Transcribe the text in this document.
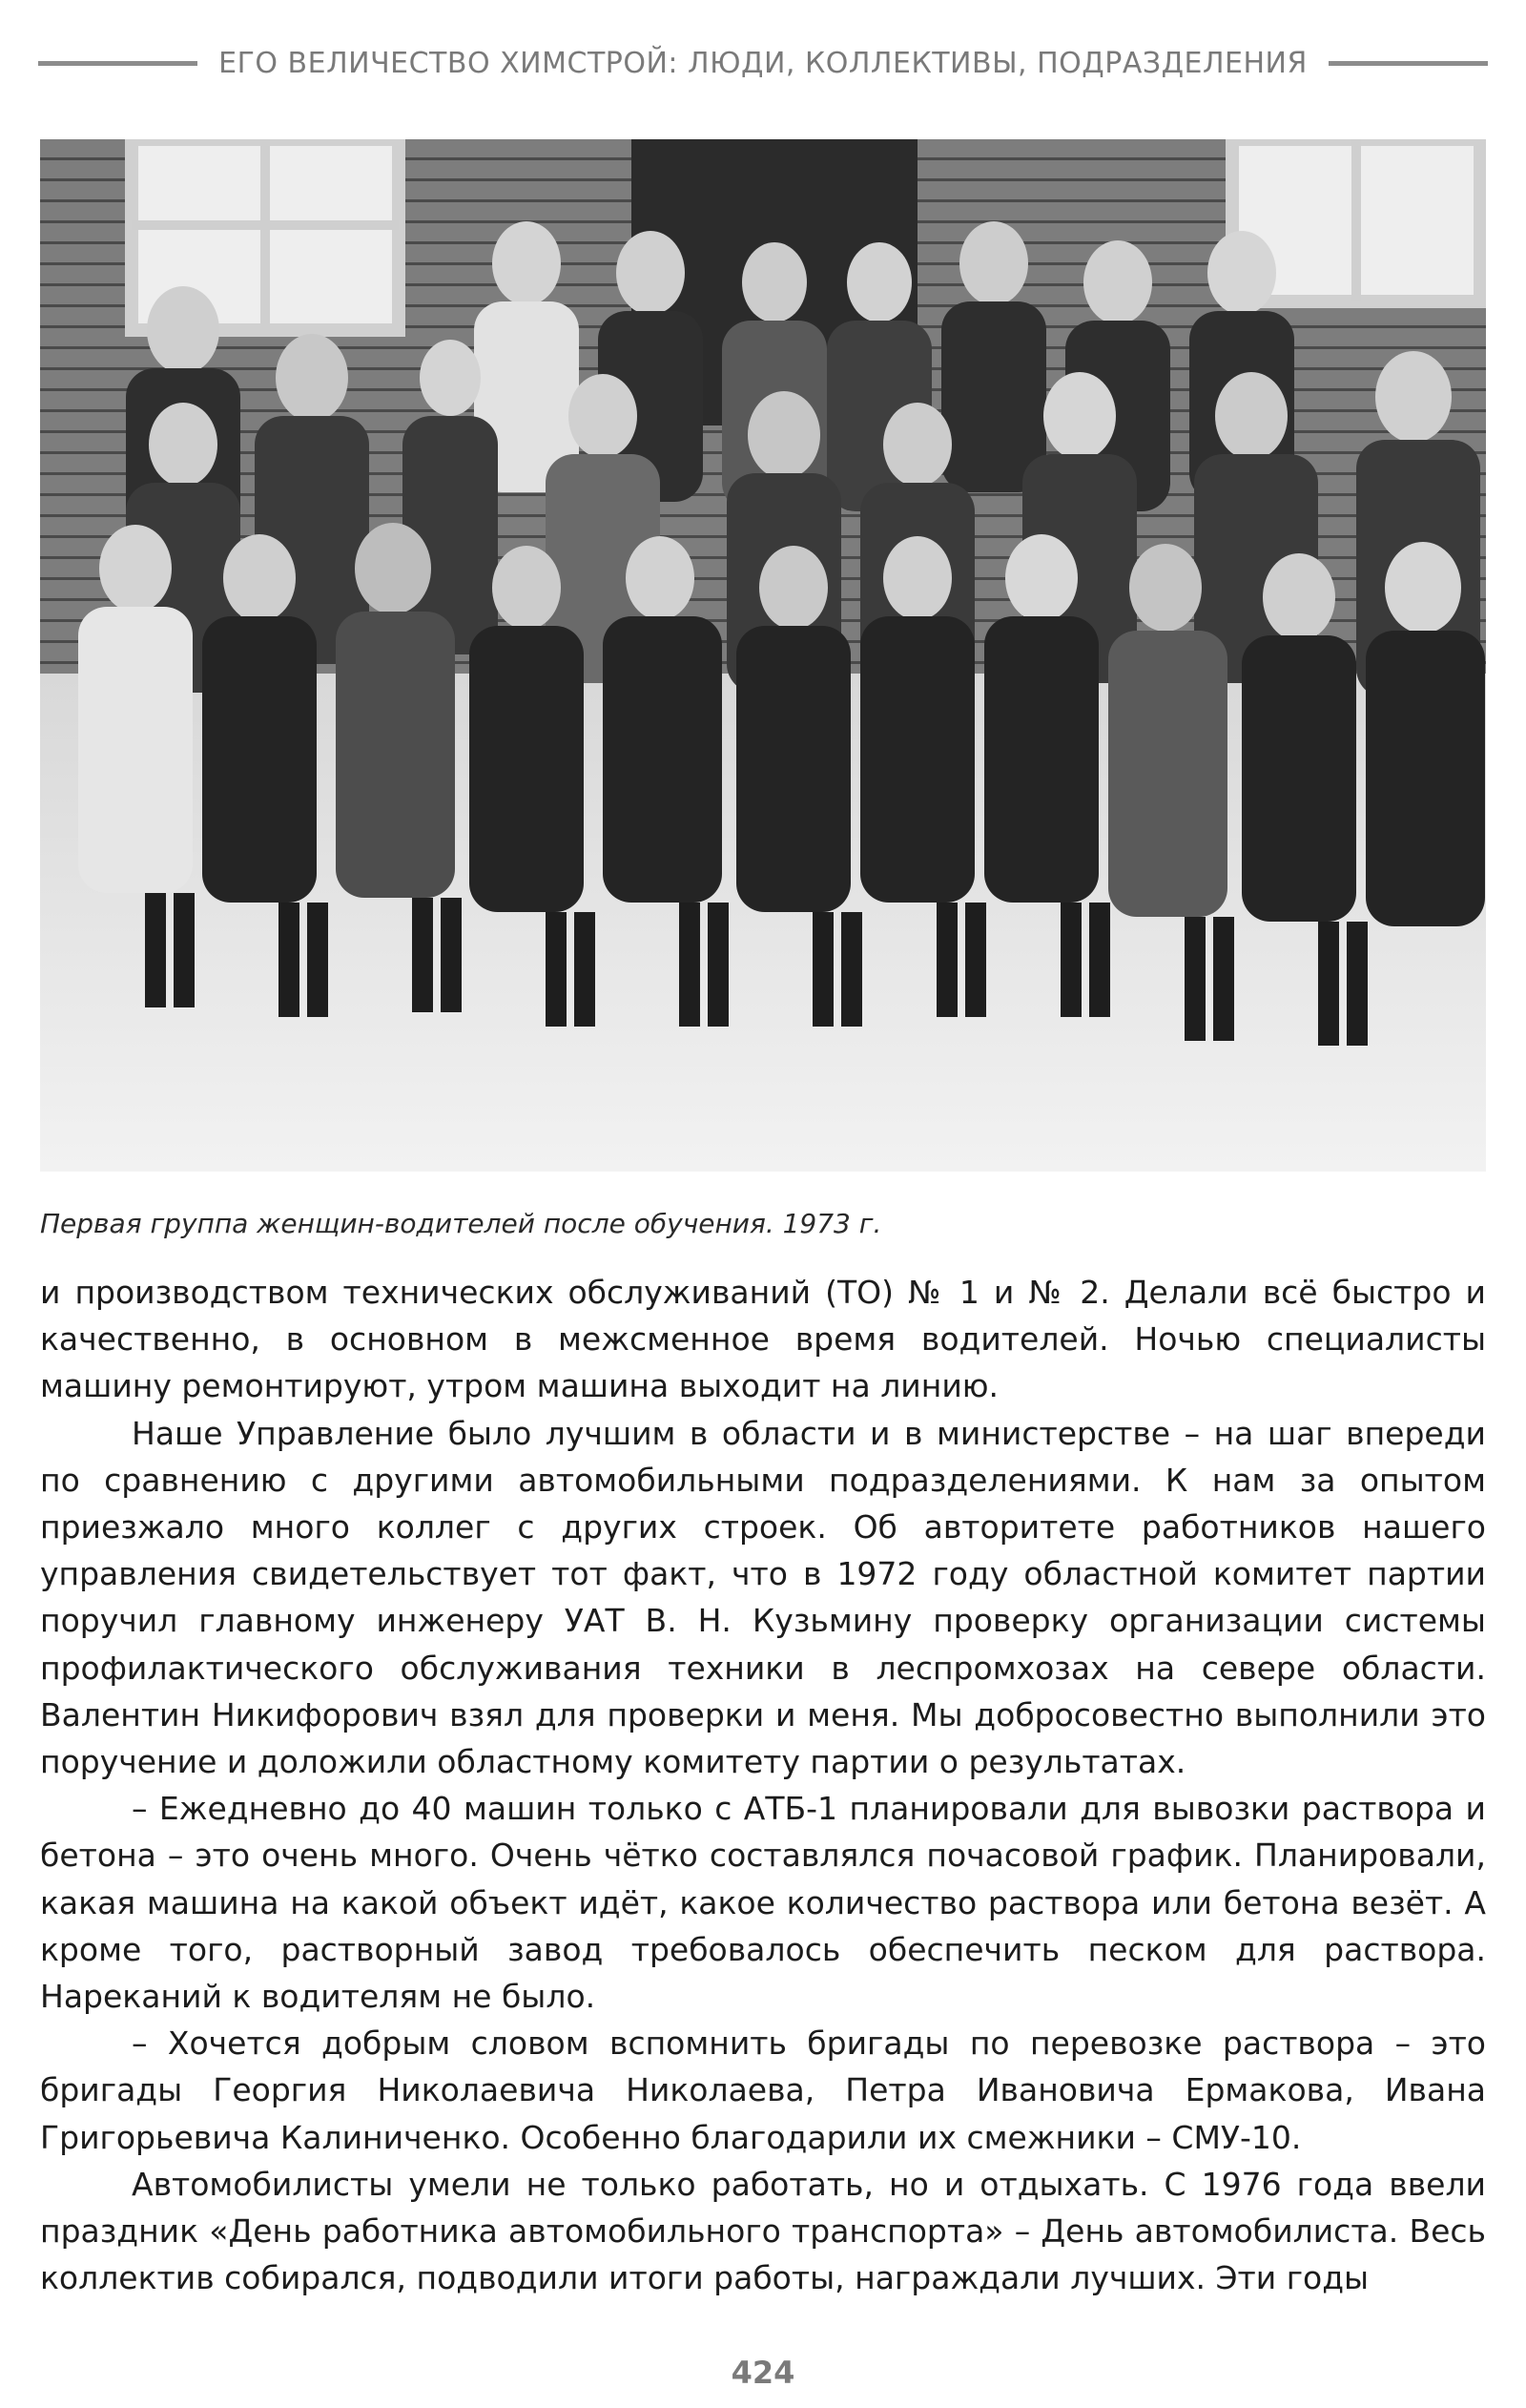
ЕГО ВЕЛИЧЕСТВО ХИМСТРОЙ: ЛЮДИ, КОЛЛЕКТИВЫ, ПОДРАЗДЕЛЕНИЯ
Первая группа женщин-водителей после обучения. 1973 г.

и производством технических обслуживаний (ТО) № 1 и № 2. Делали всё быстро и качественно, в основном в межсменное время водителей. Ночью специалисты машину ремонтируют, утром машина выходит на линию.

Наше Управление было лучшим в области и в министерстве – на шаг впереди по сравнению с другими автомобильными подразделениями. К нам за опытом приезжало много коллег с других строек. Об авторитете работников нашего управления свидетельствует тот факт, что в 1972 году областной комитет партии поручил главному инженеру УАТ В. Н. Кузьмину проверку организации системы профилактического обслуживания техники в леспромхозах на севере области. Валентин Никифорович взял для проверки и меня. Мы добросовестно выполнили это поручение и доложили областному комитету партии о результатах.

– Ежедневно до 40 машин только с АТБ-1 планировали для вывозки раствора и бетона – это очень много. Очень чётко составлялся почасовой график. Планировали, какая машина на какой объект идёт, какое количество раствора или бетона везёт. А кроме того, растворный завод требовалось обеспечить песком для раствора. Нареканий к водителям не было.

– Хочется добрым словом вспомнить бригады по перевозке раствора – это бригады Георгия Николаевича Николаева, Петра Ивановича Ермакова, Ивана Григорьевича Калиниченко. Особенно благодарили их смежники – СМУ-10.

Автомобилисты умели не только работать, но и отдыхать. С 1976 года ввели праздник «День работника автомобильного транспорта» – День автомобилиста. Весь коллектив собирался, подводили итоги работы, награждали лучших. Эти годы

424
